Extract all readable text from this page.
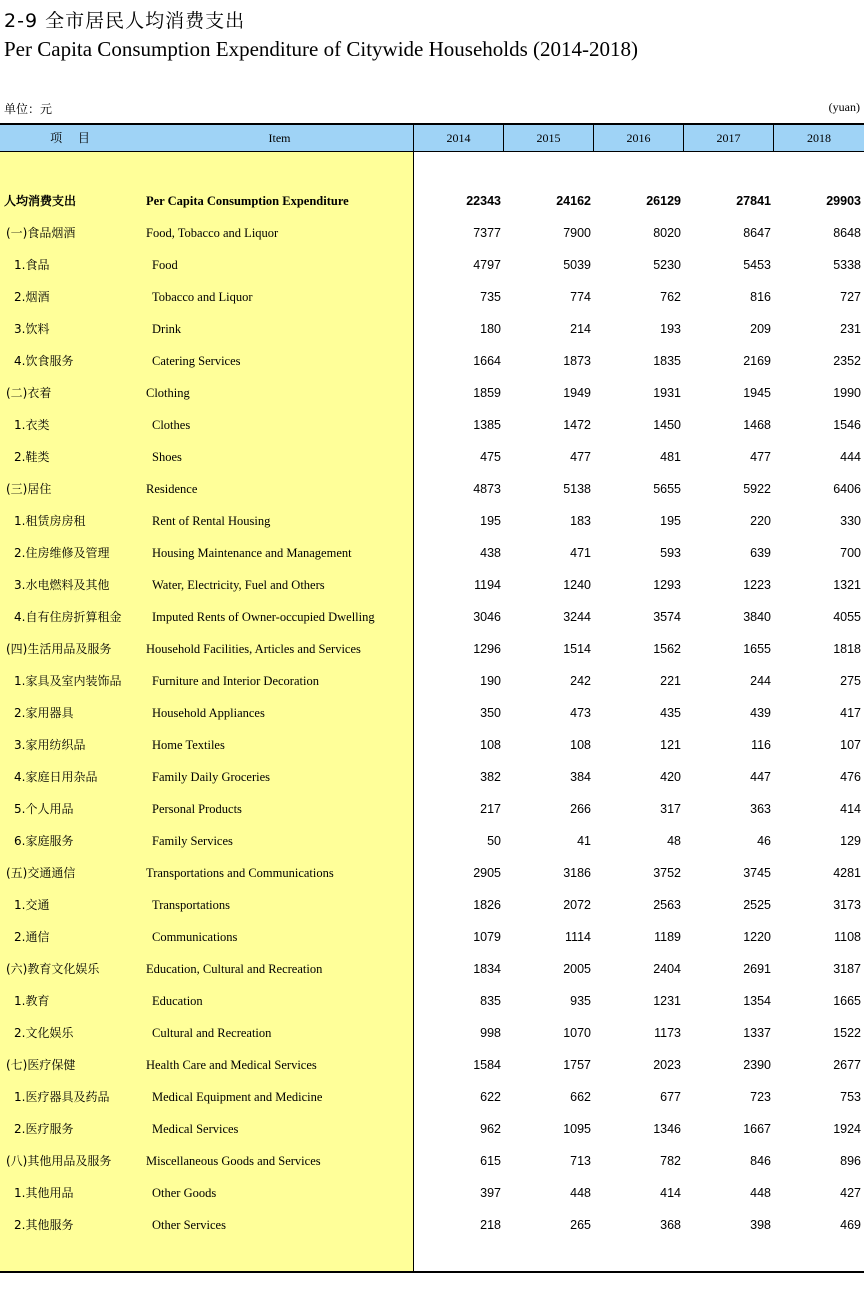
2-9 全市居民人均消费支出
Per Capita Consumption Expenditure of Citywide Households (2014-2018)
单位：元	(yuan)
项 目	Item	2014	2015	2016	2017	2018
人均消费支出	Per Capita Consumption Expenditure	22343	24162	26129	27841	29903
(一)食品烟酒	Food, Tobacco and Liquor	7377	7900	8020	8647	8648
1.食品	Food	4797	5039	5230	5453	5338
2.烟酒	Tobacco and Liquor	735	774	762	816	727
3.饮料	Drink	180	214	193	209	231
4.饮食服务	Catering Services	1664	1873	1835	2169	2352
(二)衣着	Clothing	1859	1949	1931	1945	1990
1.衣类	Clothes	1385	1472	1450	1468	1546
2.鞋类	Shoes	475	477	481	477	444
(三)居住	Residence	4873	5138	5655	5922	6406
1.租赁房房租	Rent of Rental Housing	195	183	195	220	330
2.住房维修及管理	Housing Maintenance and Management	438	471	593	639	700
3.水电燃料及其他	Water, Electricity, Fuel and Others	1194	1240	1293	1223	1321
4.自有住房折算租金 Imputed Rents of Owner-occupied Dwelling	3046	3244	3574	3840	4055
(四)生活用品及服务	Household Facilities, Articles and Services	1296	1514	1562	1655	1818
1.家具及室内装饰品 Furniture and Interior Decoration	190	242	221	244	275
2.家用器具	Household Appliances	350	473	435	439	417
3.家用纺织品	Home Textiles	108	108	121	116	107
4.家庭日用杂品	Family Daily Groceries	382	384	420	447	476
5.个人用品	Personal Products	217	266	317	363	414
6.家庭服务	Family Services	50	41	48	46	129
(五)交通通信	Transportations and Communications	2905	3186	3752	3745	4281
1.交通	Transportations	1826	2072	2563	2525	3173
2.通信	Communications	1079	1114	1189	1220	1108
(六)教育文化娱乐	Education, Cultural and Recreation	1834	2005	2404	2691	3187
1.教育	Education	835	935	1231	1354	1665
2.文化娱乐	Cultural and Recreation	998	1070	1173	1337	1522
(七)医疗保健	Health Care and Medical Services	1584	1757	2023	2390	2677
1.医疗器具及药品	Medical Equipment and Medicine	622	662	677	723	753
2.医疗服务	Medical Services	962	1095	1346	1667	1924
(八)其他用品及服务	Miscellaneous Goods and Services	615	713	782	846	896
1.其他用品	Other Goods	397	448	414	448	427
2.其他服务	Other Services	218	265	368	398	469
